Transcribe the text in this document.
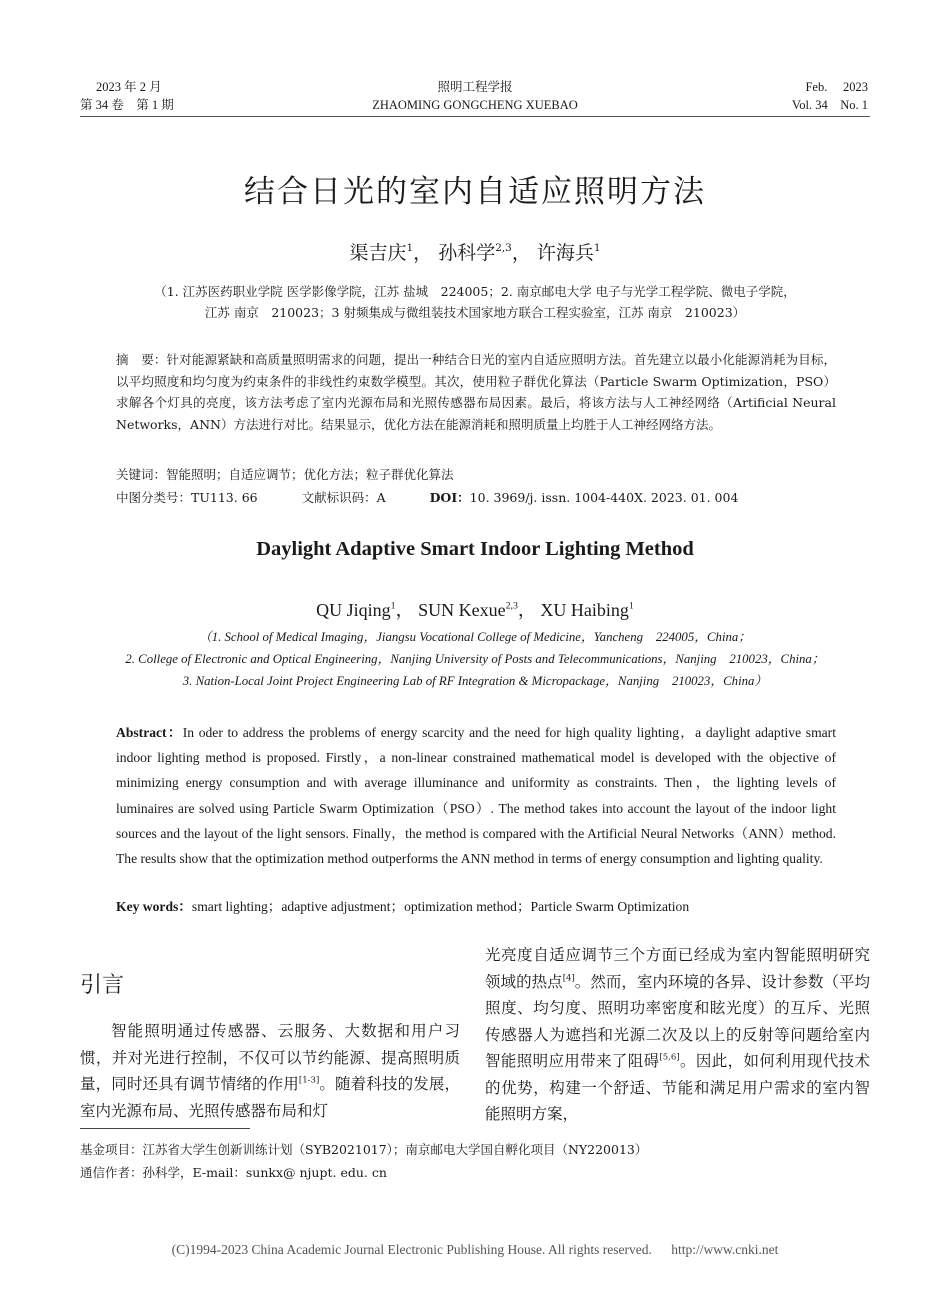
2023 年 2 月
第 34 卷　第 1 期
照明工程学报
ZHAOMING GONGCHENG XUEBAO
Feb.　 2023
Vol. 34　No. 1
结合日光的室内自适应照明方法
渠吉庆$^1$， 孙科学$^{2,3}$， 许海兵$^1$
（1. 江苏医药职业学院 医学影像学院，江苏 盐城　224005；2. 南京邮电大学 电子与光学工程学院、微电子学院，
江苏 南京　210023；3 射频集成与微组装技术国家地方联合工程实验室，江苏 南京　210023）
摘　要：针对能源紧缺和高质量照明需求的问题，提出一种结合日光的室内自适应照明方法。首先建立以最小化能源消耗为目标，以平均照度和均匀度为约束条件的非线性约束数学模型。其次，使用粒子群优化算法（Particle Swarm Optimization，PSO）求解各个灯具的亮度，该方法考虑了室内光源布局和光照传感器布局因素。最后，将该方法与人工神经网络（Artificial Neural Networks，ANN）方法进行对比。结果显示，优化方法在能源消耗和照明质量上均胜于人工神经网络方法。
关键词：智能照明；自适应调节；优化方法；粒子群优化算法
中图分类号：TU113. 66	文献标识码：A	DOI：10. 3969/j. issn. 1004-440X. 2023. 01. 004
Daylight Adaptive Smart Indoor Lighting Method
QU Jiqing$^1$， SUN Kexue$^{2,3}$， XU Haibing$^1$
（1. School of Medical Imaging，Jiangsu Vocational College of Medicine，Yancheng　224005，China；
2. College of Electronic and Optical Engineering，Nanjing University of Posts and Telecommunications，Nanjing　210023，China；
3. Nation-Local Joint Project Engineering Lab of RF Integration & Micropackage，Nanjing　210023，China）
Abstract：In oder to address the problems of energy scarcity and the need for high quality lighting，a daylight adaptive smart indoor lighting method is proposed. Firstly，a non-linear constrained mathematical model is developed with the objective of minimizing energy consumption and with average illuminance and uniformity as constraints. Then，the lighting levels of luminaires are solved using Particle Swarm Optimization（PSO）. The method takes into account the layout of the indoor light sources and the layout of the light sensors. Finally，the method is compared with the Artificial Neural Networks（ANN）method. The results show that the optimization method outperforms the ANN method in terms of energy consumption and lighting quality.
Key words：smart lighting；adaptive adjustment；optimization method；Particle Swarm Optimization
引言
智能照明通过传感器、云服务、大数据和用户习惯，并对光进行控制，不仅可以节约能源、提高照明质量，同时还具有调节情绪的作用[1-3]。随着科技的发展，室内光源布局、光照传感器布局和灯
光亮度自适应调节三个方面已经成为室内智能照明研究领域的热点[4]。然而，室内环境的各异、设计参数（平均照度、均匀度、照明功率密度和眩光度）的互斥、光照传感器人为遮挡和光源二次及以上的反射等问题给室内智能照明应用带来了阻碍[5,6]。因此，如何利用现代技术的优势，构建一个舒适、节能和满足用户需求的室内智能照明方案，
基金项目：江苏省大学生创新训练计划（SYB2021017）；南京邮电大学国自孵化项目（NY220013）
通信作者：孙科学，E-mail：sunkx@ njupt. edu. cn
(C)1994-2023 China Academic Journal Electronic Publishing House. All rights reserved. http://www.cnki.net
